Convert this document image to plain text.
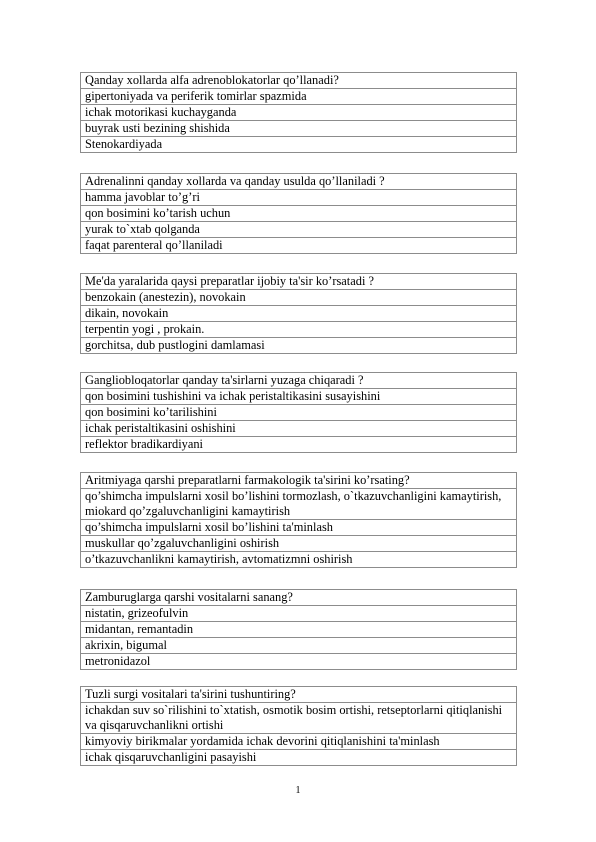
Qanday xollarda alfa adrenoblokatorlar qo’llanadi?
gipertoniyada va periferik tomirlar spazmida
ichak motorikasi kuchayganda
buyrak usti bezining shishida
Stenokardiyada
Adrenalinni qanday xollarda va qanday usulda qo’llaniladi ?
hamma javoblar to’g’ri
qon bosimini ko’tarish uchun
yurak to`xtab qolganda
faqat parenteral qo’llaniladi
Me'da yaralarida qaysi preparatlar ijobiy ta'sir ko’rsatadi ?
benzokain (anestezin), novokain
dikain, novokain
terpentin yogi , prokain.
gorchitsa, dub pustlogini damlamasi
Gangliobloqatorlar qanday ta'sirlarni yuzaga chiqaradi ?
qon bosimini tushishini va ichak peristaltikasini susayishini
qon bosimini ko’tarilishini
ichak peristaltikasini oshishini
reflektor bradikardiyani
Aritmiyaga qarshi preparatlarni farmakologik ta'sirini ko’rsating?
qo’shimcha impulslarni xosil bo’lishini tormozlash, o`tkazuvchanligini kamaytirish, miokard qo’zgaluvchanligini kamaytirish
qo’shimcha impulslarni xosil bo’lishini ta'minlash
muskullar qo’zgaluvchanligini oshirish
o’tkazuvchanlikni kamaytirish, avtomatizmni oshirish
Zamburuglarga qarshi vositalarni sanang?
nistatin, grizeofulvin
midantan, remantadin
akrixin, bigumal
metronidazol
Tuzli surgi vositalari ta'sirini tushuntiring?
ichakdan suv so`rilishini to`xtatish, osmotik bosim ortishi, retseptorlarni qitiqlanishi va qisqaruvchanlikni ortishi
kimyoviy birikmalar yordamida ichak devorini qitiqlanishini ta'minlash
ichak qisqaruvchanligini pasayishi
1
